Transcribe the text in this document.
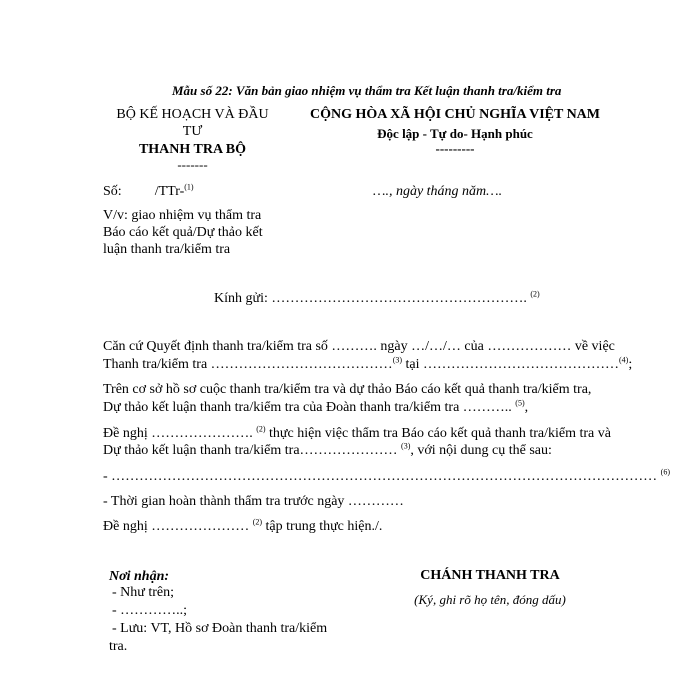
Mẫu số 22: Văn bản giao nhiệm vụ thẩm tra Kết luận thanh tra/kiểm tra
BỘ KẾ HOẠCH VÀ ĐẦU
TƯ
THANH TRA BỘ
-------
CỘNG HÒA XÃ HỘI CHỦ NGHĨA VIỆT NAM
Độc lập - Tự do- Hạnh phúc
---------
Số: /TTr-$^{(1)}$	…., ngày tháng năm….
V/v: giao nhiệm vụ thẩm tra
Báo cáo kết quả/Dự thảo kết
luận thanh tra/kiểm tra
Kính gửi: ………………………………………………. $^{(2)}$
Căn cứ Quyết định thanh tra/kiểm tra số ………. ngày …/…/… của ……………… về việc
Thanh tra/kiểm tra …………………………………$^{(3)}$ tại ……………………………………$^{(4)}$;
Trên cơ sở hồ sơ cuộc thanh tra/kiểm tra và dự thảo Báo cáo kết quả thanh tra/kiểm tra,
Dự thảo kết luận thanh tra/kiểm tra của Đoàn thanh tra/kiểm tra ……….. $^{(5)}$,
Đề nghị …………………. $^{(2)}$ thực hiện việc thẩm tra Báo cáo kết quả thanh tra/kiểm tra và
Dự thảo kết luận thanh tra/kiểm tra………………… $^{(3)}$, với nội dung cụ thể sau:
- ……………………………………………………………………………………………………… $^{(6)}$
- Thời gian hoàn thành thẩm tra trước ngày …………
Đề nghị ………………… $^{(2)}$ tập trung thực hiện./.
Nơi nhận:
- Như trên;
- …………..;
- Lưu: VT, Hồ sơ Đoàn thanh tra/kiểm
tra.
CHÁNH THANH TRA
(Ký, ghi rõ họ tên, đóng dấu)
